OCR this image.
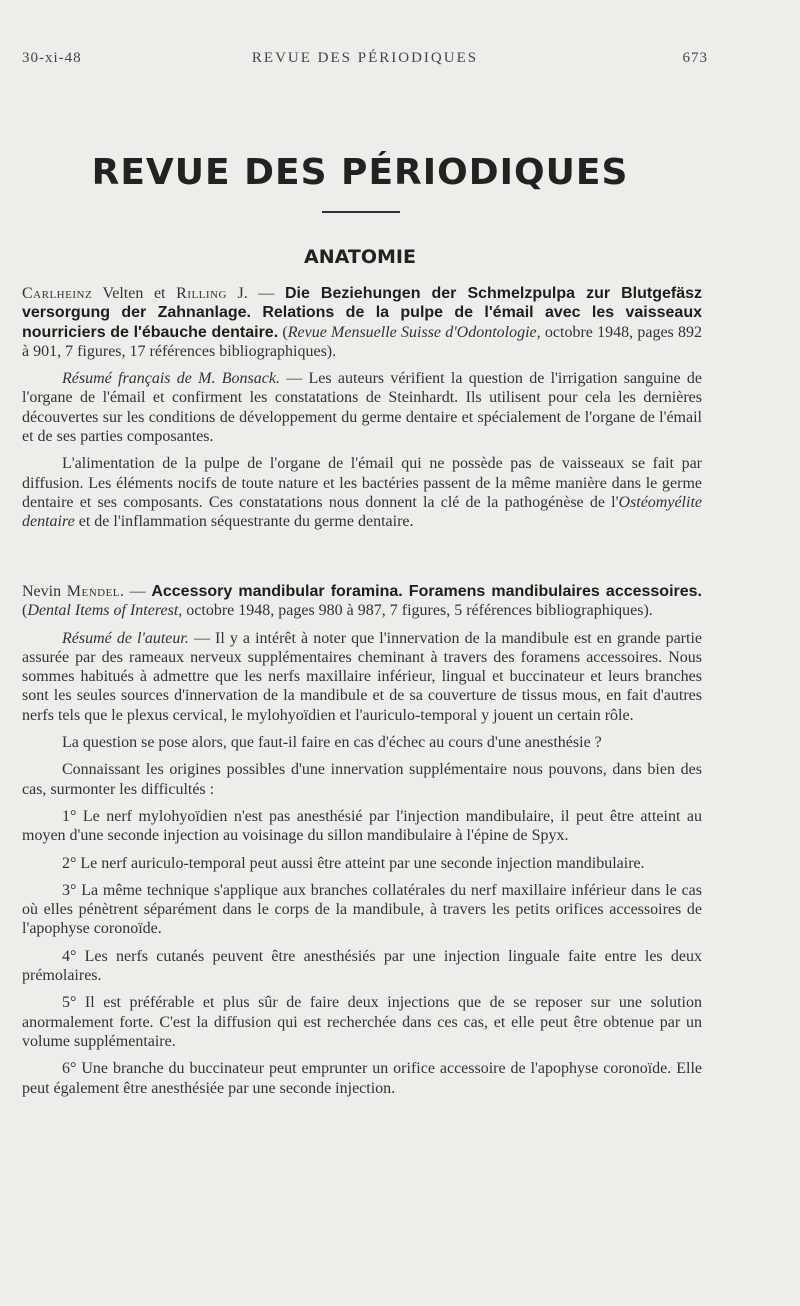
30-xi-48	REVUE DES PÉRIODIQUES	673
REVUE DES PÉRIODIQUES
ANATOMIE

Carlheinz Velten et Rilling J. — Die Beziehungen der Schmelzpulpa zur Blutgefäsz versorgung der Zahnanlage. Relations de la pulpe de l'émail avec les vaisseaux nourriciers de l'ébauche dentaire. (Revue Mensuelle Suisse d'Odontologie, octobre 1948, pages 892 à 901, 7 figures, 17 références bibliographiques).

Résumé français de M. Bonsack. — Les auteurs vérifient la question de l'irrigation sanguine de l'organe de l'émail et confirment les constatations de Steinhardt. Ils utilisent pour cela les dernières découvertes sur les conditions de développement du germe dentaire et spécialement de l'organe de l'émail et de ses parties composantes.

L'alimentation de la pulpe de l'organe de l'émail qui ne possède pas de vaisseaux se fait par diffusion. Les éléments nocifs de toute nature et les bactéries passent de la même manière dans le germe dentaire et ses composants. Ces constatations nous donnent la clé de la pathogénèse de l'Ostéomyélite dentaire et de l'inflammation séquestrante du germe dentaire.

Nevin Mendel. — Accessory mandibular foramina. Foramens mandibulaires accessoires. (Dental Items of Interest, octobre 1948, pages 980 à 987, 7 figures, 5 références bibliographiques).

Résumé de l'auteur. — Il y a intérêt à noter que l'innervation de la mandibule est en grande partie assurée par des rameaux nerveux supplémentaires cheminant à travers des foramens accessoires. Nous sommes habitués à admettre que les nerfs maxillaire inférieur, lingual et buccinateur et leurs branches sont les seules sources d'innervation de la mandibule et de sa couverture de tissus mous, en fait d'autres nerfs tels que le plexus cervical, le mylohyoïdien et l'auriculo-temporal y jouent un certain rôle.

La question se pose alors, que faut-il faire en cas d'échec au cours d'une anesthésie ?

Connaissant les origines possibles d'une innervation supplémentaire nous pouvons, dans bien des cas, surmonter les difficultés :

1° Le nerf mylohyoïdien n'est pas anesthésié par l'injection mandibulaire, il peut être atteint au moyen d'une seconde injection au voisinage du sillon mandibulaire à l'épine de Spyx.

2° Le nerf auriculo-temporal peut aussi être atteint par une seconde injection mandibulaire.

3° La même technique s'applique aux branches collatérales du nerf maxillaire inférieur dans le cas où elles pénètrent séparément dans le corps de la mandibule, à travers les petits orifices accessoires de l'apophyse coronoïde.

4° Les nerfs cutanés peuvent être anesthésiés par une injection linguale faite entre les deux prémolaires.

5° Il est préférable et plus sûr de faire deux injections que de se reposer sur une solution anormalement forte. C'est la diffusion qui est recherchée dans ces cas, et elle peut être obtenue par un volume supplémentaire.

6° Une branche du buccinateur peut emprunter un orifice accessoire de l'apophyse coronoïde. Elle peut également être anesthésiée par une seconde injection.
